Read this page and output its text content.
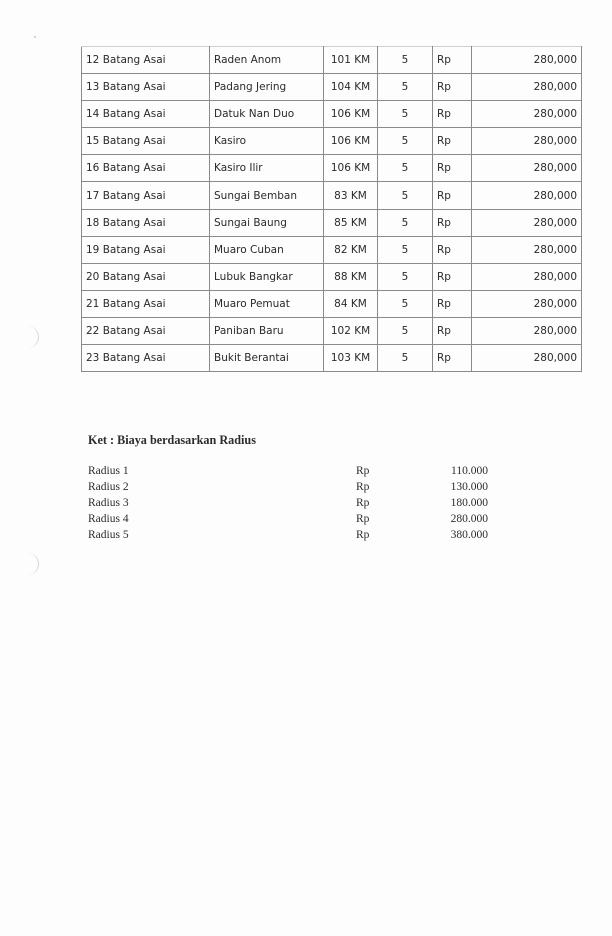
12 Batang Asai	Raden Anom	101 KM	5	Rp	280,000
13 Batang Asai	Padang Jering	104 KM	5	Rp	280,000
14 Batang Asai	Datuk Nan Duo	106 KM	5	Rp	280,000
15 Batang Asai	Kasiro	106 KM	5	Rp	280,000
16 Batang Asai	Kasiro Ilir	106 KM	5	Rp	280,000
17 Batang Asai	Sungai Bemban	83 KM	5	Rp	280,000
18 Batang Asai	Sungai Baung	85 KM	5	Rp	280,000
19 Batang Asai	Muaro Cuban	82 KM	5	Rp	280,000
20 Batang Asai	Lubuk Bangkar	88 KM	5	Rp	280,000
21 Batang Asai	Muaro Pemuat	84 KM	5	Rp	280,000
22 Batang Asai	Paniban Baru	102 KM	5	Rp	280,000
23 Batang Asai	Bukit Berantai	103 KM	5	Rp	280,000
Ket : Biaya berdasarkan Radius
Radius 1	Rp	110.000
Radius 2	Rp	130.000
Radius 3	Rp	180.000
Radius 4	Rp	280.000
Radius 5	Rp	380.000
